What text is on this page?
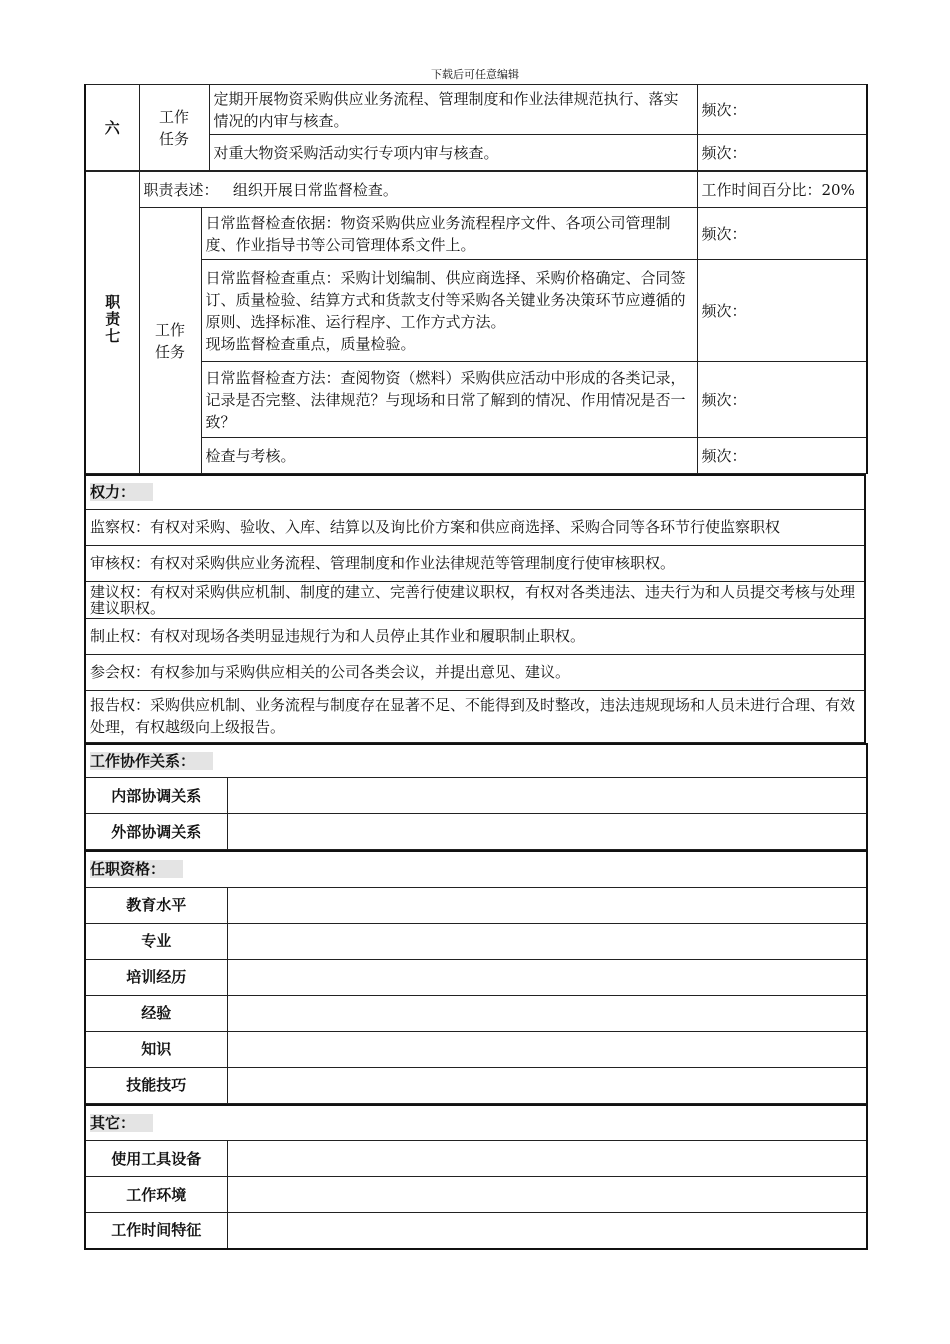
下载后可任意编辑
六	工作任务	定期开展物资采购供应业务流程、管理制度和作业法律规范执行、落实情况的内审与核查。	频次：
		对重大物资采购活动实行专项内审与核查。	频次：
职责七	职责表述： 组织开展日常监督检查。		工作时间百分比：20%
	工作任务	日常监督检查依据：物资采购供应业务流程程序文件、各项公司管理制度、作业指导书等公司管理体系文件上。	频次：

		日常监督检查重点：采购计划编制、供应商选择、采购价格确定、合同签订、质量检验、结算方式和货款支付等采购各关键业务决策环节应遵循的原则、选择标准、运行程序、工作方式方法。
现场监督检查重点，质量检验。	频次：
		日常监督检查方法：查阅物资（燃料）采购供应活动中形成的各类记录，记录是否完整、法律规范？与现场和日常了解到的情况、作用情况是否一致？	频次：
		检查与考核。	频次：
权力：
监察权：有权对采购、验收、入库、结算以及询比价方案和供应商选择、采购合同等各环节行使监察职权
审核权：有权对采购供应业务流程、管理制度和作业法律规范等管理制度行使审核职权。
建议权：有权对采购供应机制、制度的建立、完善行使建议职权，有权对各类违法、违夫行为和人员提交考核与处理建议职权。
制止权：有权对现场各类明显违规行为和人员停止其作业和履职制止职权。
参会权：有权参加与采购供应相关的公司各类会议，并提出意见、建议。
报告权：采购供应机制、业务流程与制度存在显著不足、不能得到及时整改，违法违规现场和人员未进行合理、有效处理，有权越级向上级报告。
工作协作关系：	
内部协调关系	
外部协调关系	
任职资格：	
教育水平	
专业	
培训经历	
经验	
知识	
技能技巧	
其它：	
使用工具设备	
工作环境	
工作时间特征	
